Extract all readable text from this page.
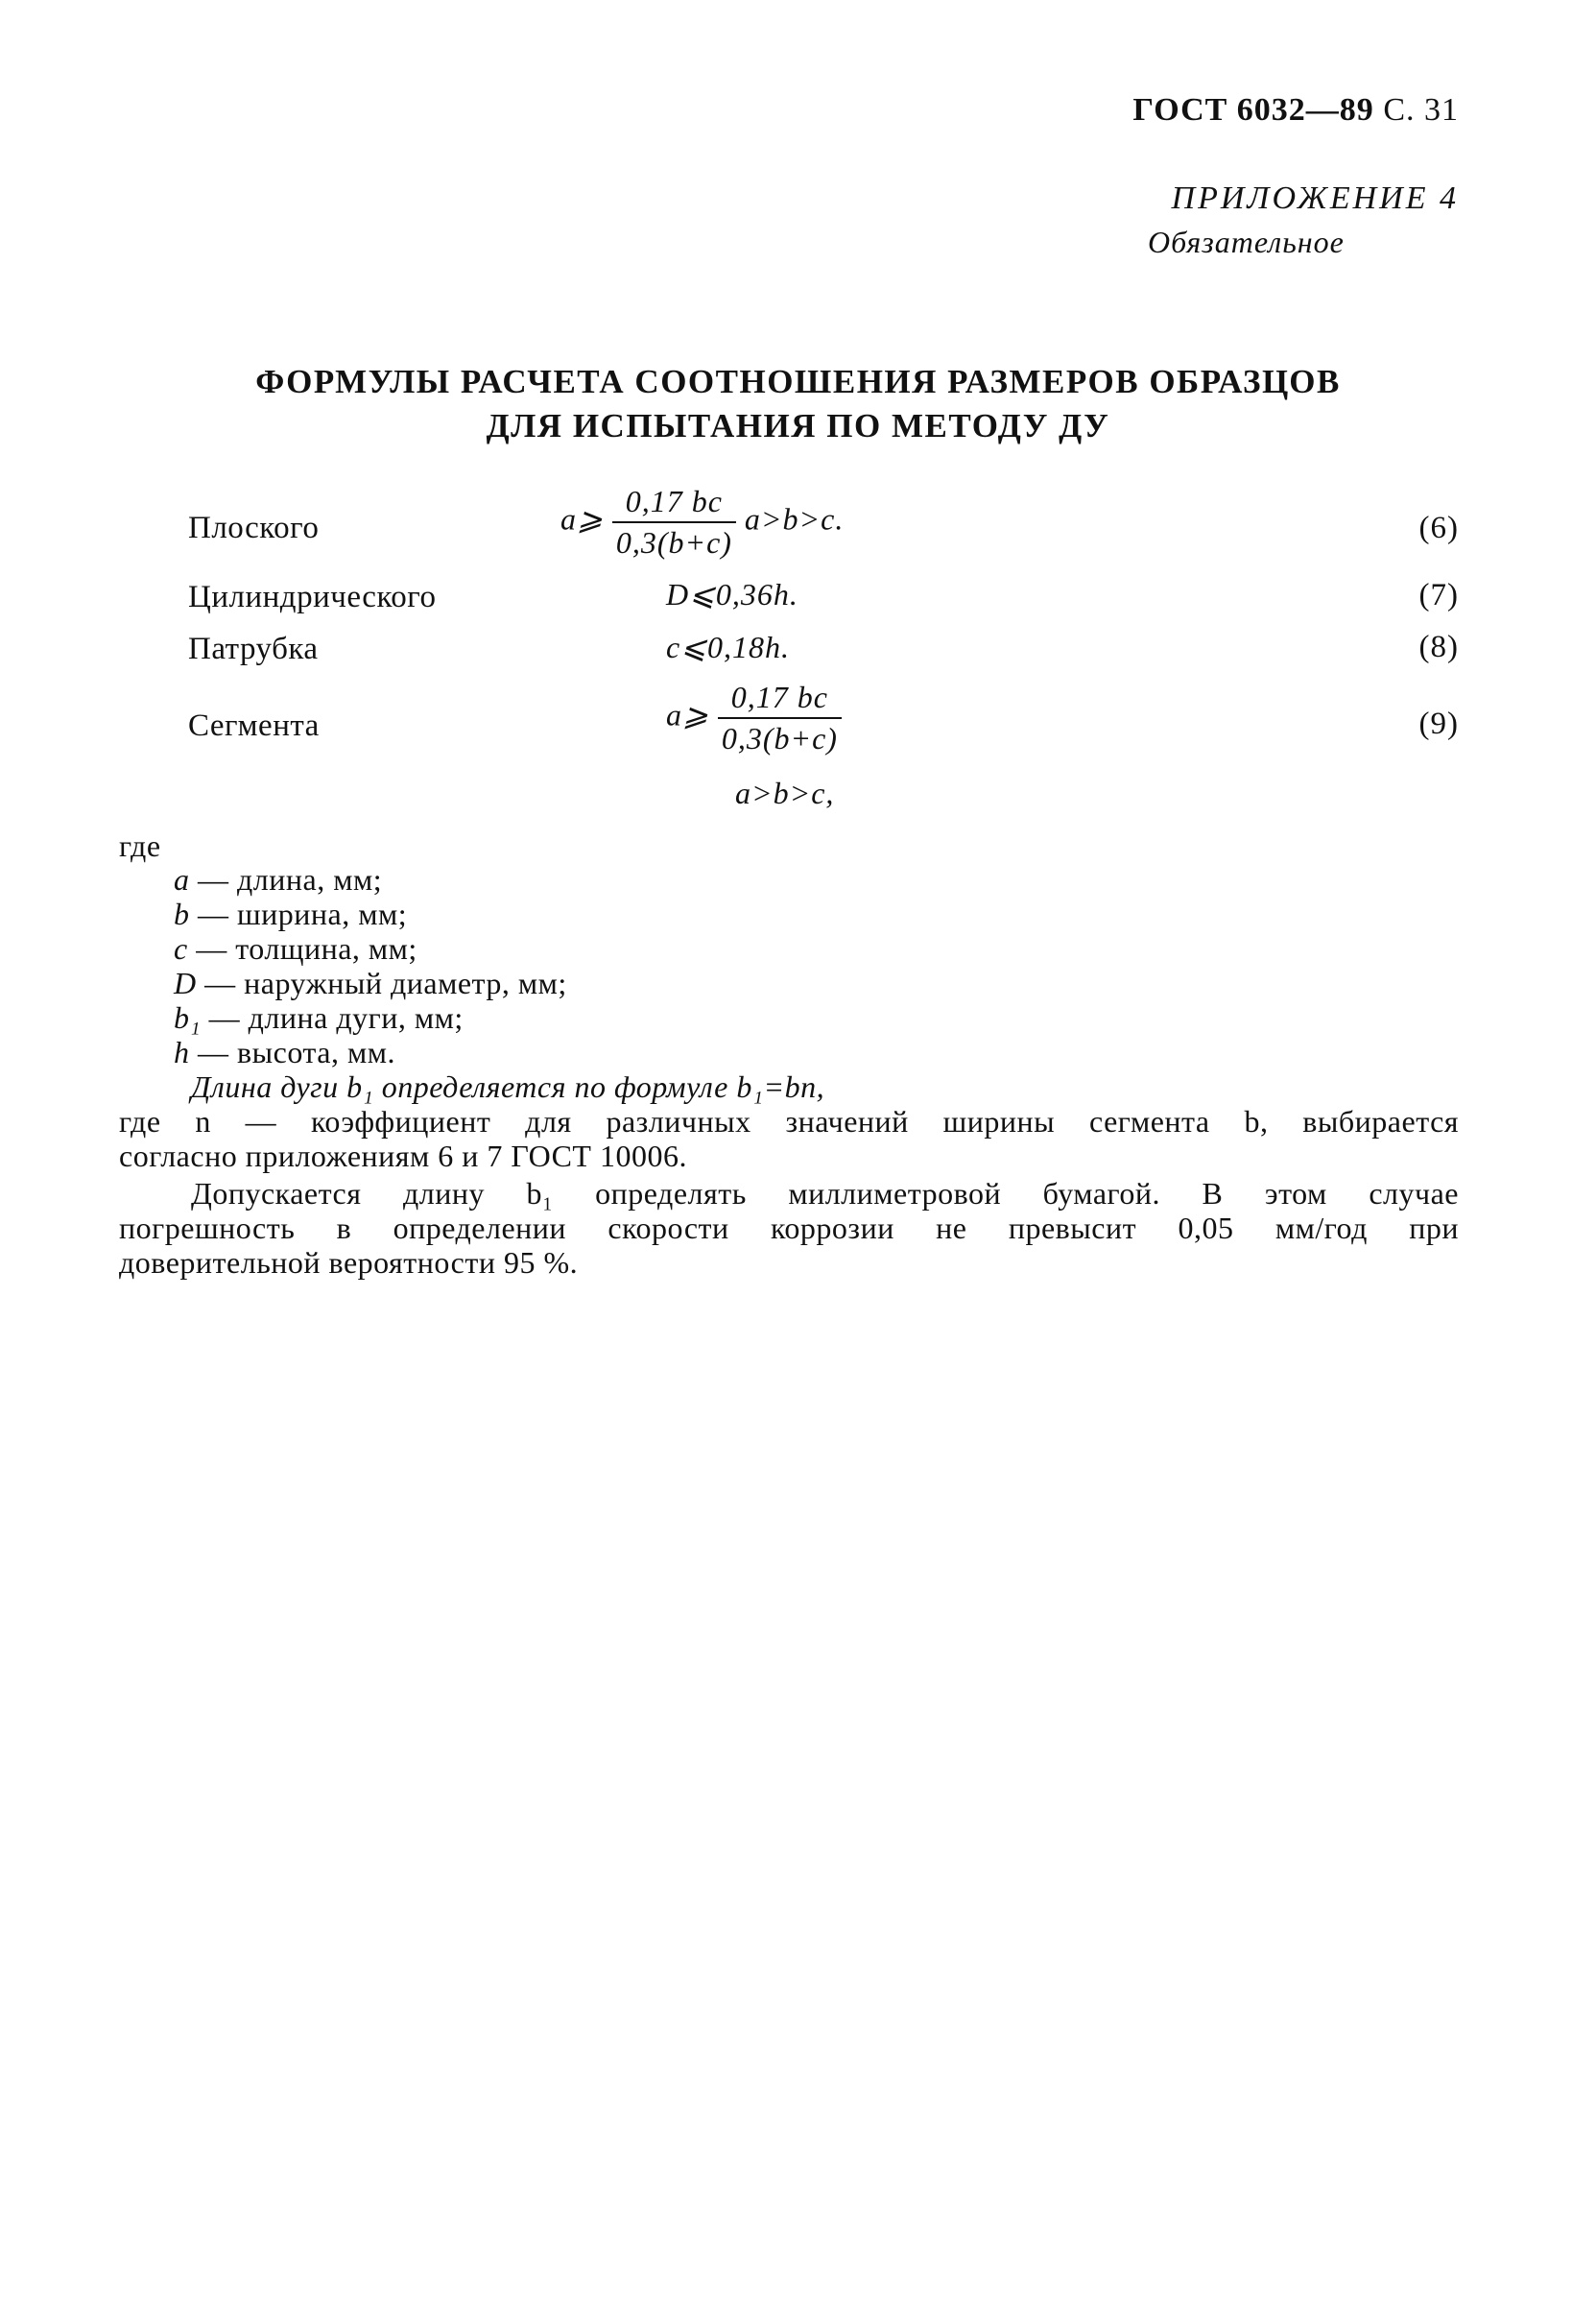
ГОСТ 6032—89 С. 31
ПРИЛОЖЕНИЕ 4
Обязательное
ФОРМУЛЫ РАСЧЕТА СООТНОШЕНИЯ РАЗМЕРОВ ОБРАЗЦОВ
ДЛЯ ИСПЫТАНИЯ ПО МЕТОДУ ДУ
Плоского	a⩾ $\frac{0,17 bc}{0,3(b+c)} a>b>c$.	(6)
Цилиндрического	D⩽0,36h.	(7)
Патрубка	c⩽0,18h.	(8)
Сегмента	a⩾ $\frac{0,17 bc}{0,3(b+c)}$	(9)
a>b>c,
где
a — длина, мм;
b — ширина, мм;
c — толщина, мм;
D — наружный диаметр, мм;
b₁ — длина дуги, мм;
h — высота, мм.
Длина дуги b₁ определяется по формуле b₁=bn,
где n — коэффициент для различных значений ширины сегмента b, выбирается
согласно приложениям 6 и 7 ГОСТ 10006.
Допускается длину b₁ определять миллиметровой бумагой. В этом случае
погрешность в определении скорости коррозии не превысит 0,05 мм/год при
доверительной вероятности 95 %.
